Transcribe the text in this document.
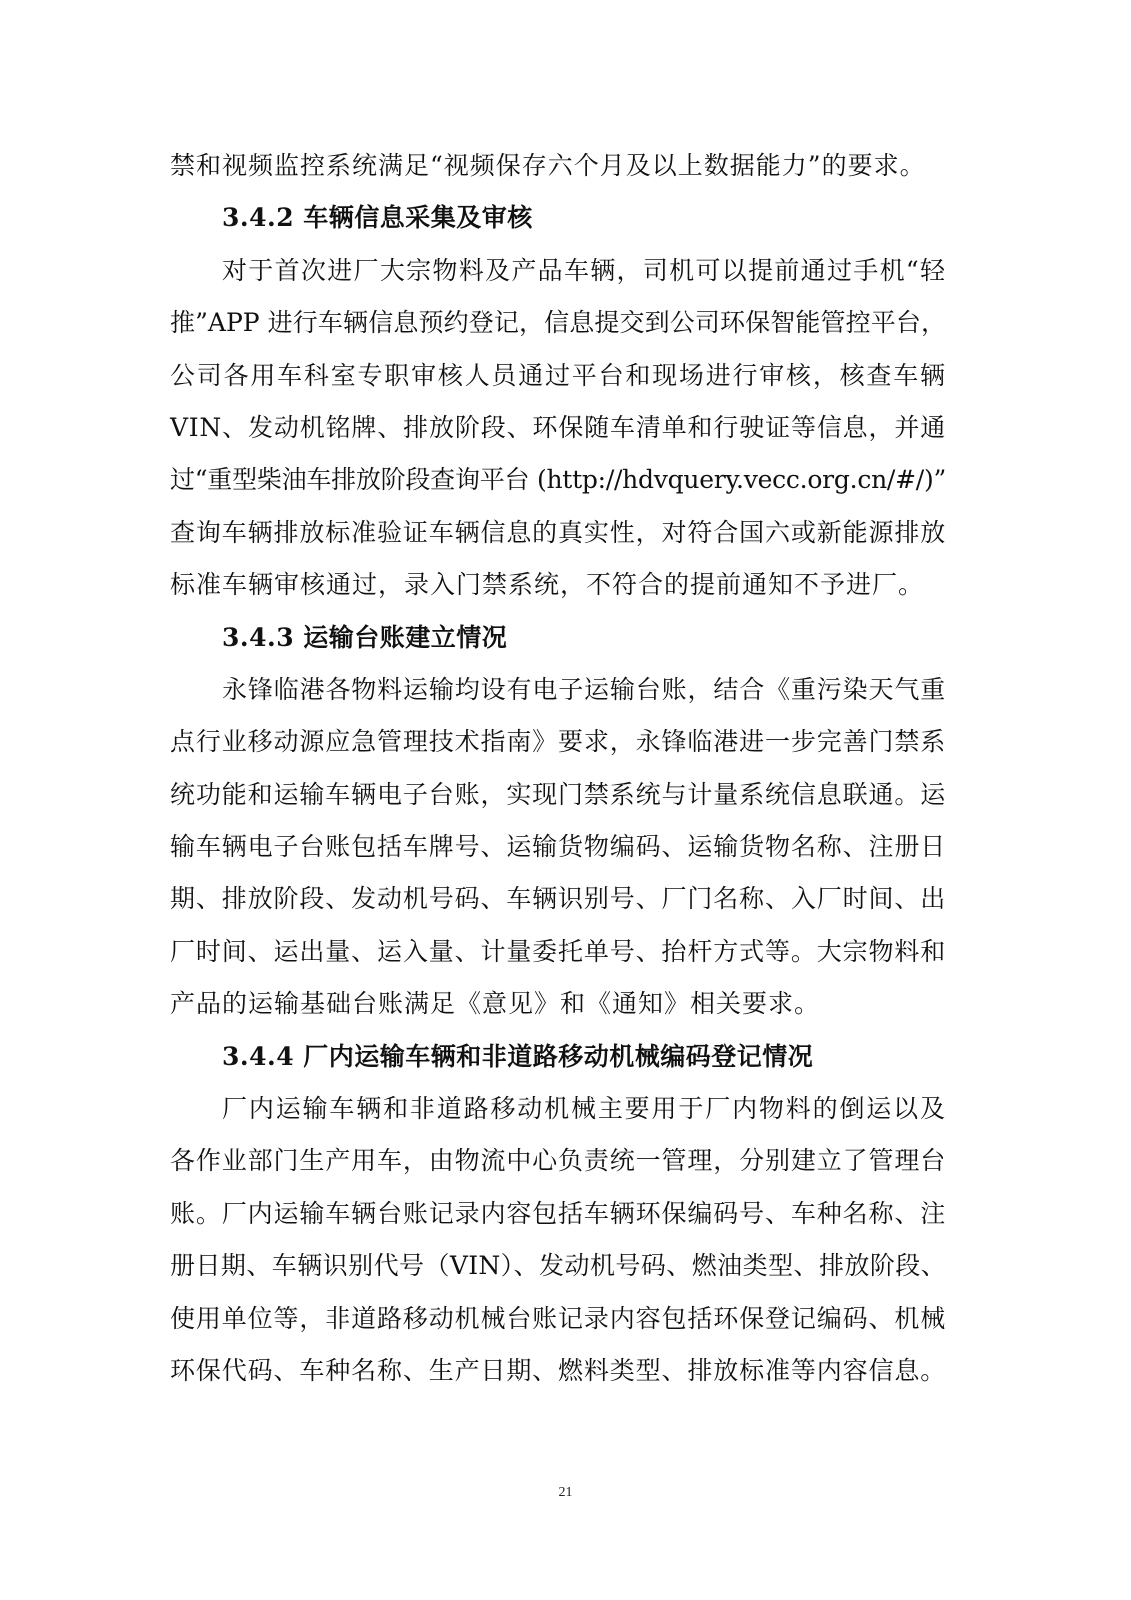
禁和视频监控系统满足“视频保存六个月及以上数据能力”的要求。
3.4.2 车辆信息采集及审核
对于首次进厂大宗物料及产品车辆，司机可以提前通过手机“轻
推”APP 进行车辆信息预约登记，信息提交到公司环保智能管控平台，
公司各用车科室专职审核人员通过平台和现场进行审核，核查车辆
VIN、发动机铭牌、排放阶段、环保随车清单和行驶证等信息，并通
过“重型柴油车排放阶段查询平台 (http://hdvquery.vecc.org.cn/#/)”
查询车辆排放标准验证车辆信息的真实性，对符合国六或新能源排放
标准车辆审核通过，录入门禁系统，不符合的提前通知不予进厂。
3.4.3 运输台账建立情况
永锋临港各物料运输均设有电子运输台账，结合《重污染天气重
点行业移动源应急管理技术指南》要求，永锋临港进一步完善门禁系
统功能和运输车辆电子台账，实现门禁系统与计量系统信息联通。运
输车辆电子台账包括车牌号、运输货物编码、运输货物名称、注册日
期、排放阶段、发动机号码、车辆识别号、厂门名称、入厂时间、出
厂时间、运出量、运入量、计量委托单号、抬杆方式等。大宗物料和
产品的运输基础台账满足《意见》和《通知》相关要求。
3.4.4 厂内运输车辆和非道路移动机械编码登记情况
厂内运输车辆和非道路移动机械主要用于厂内物料的倒运以及
各作业部门生产用车，由物流中心负责统一管理，分别建立了管理台
账。厂内运输车辆台账记录内容包括车辆环保编码号、车种名称、注
册日期、车辆识别代号（VIN）、发动机号码、燃油类型、排放阶段、
使用单位等，非道路移动机械台账记录内容包括环保登记编码、机械
环保代码、车种名称、生产日期、燃料类型、排放标准等内容信息。
21
